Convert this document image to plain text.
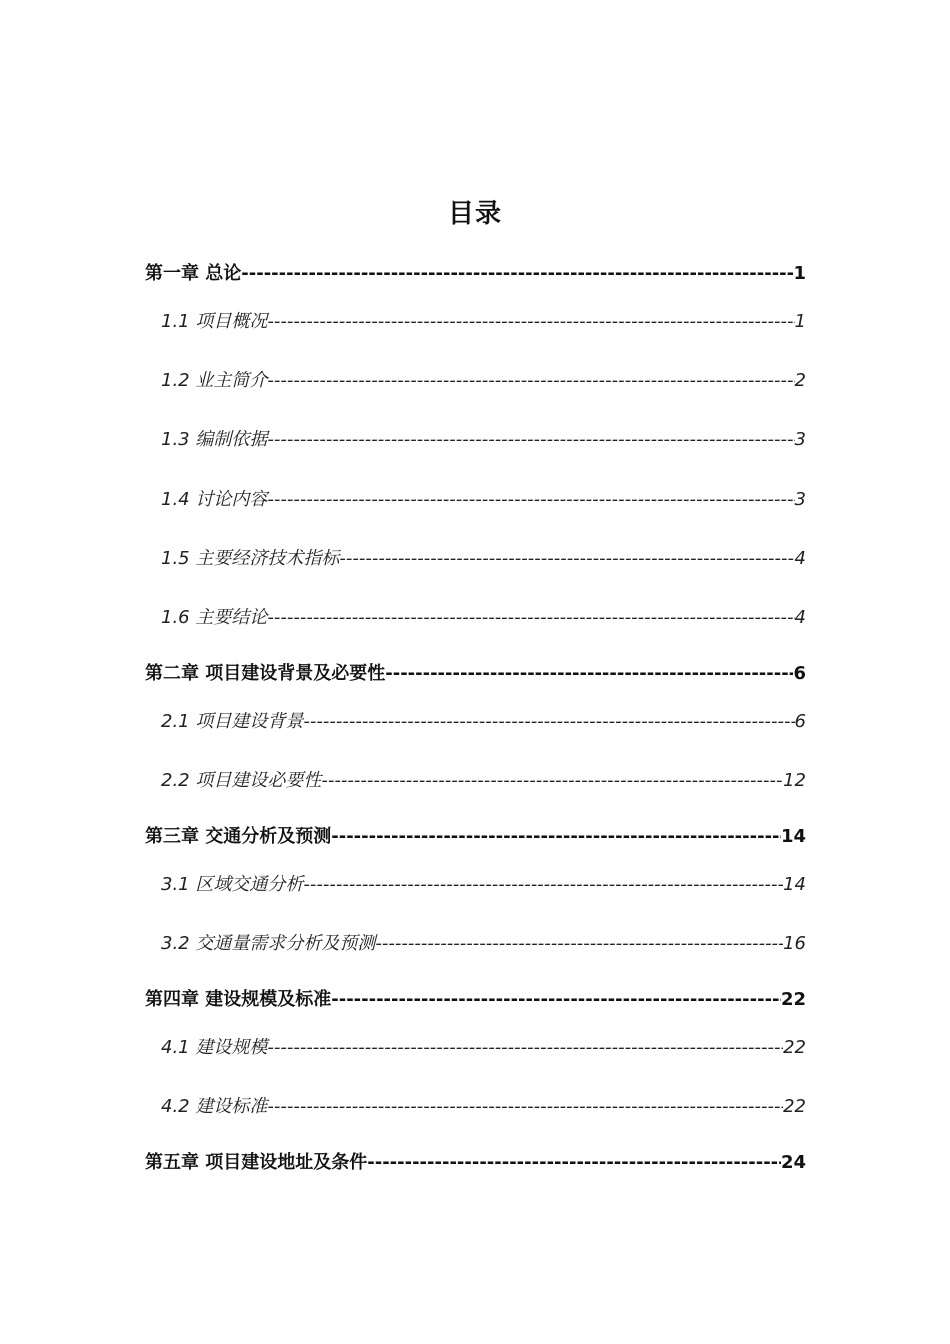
目录
第一章 总论 -----	1
1.1 项目概况 -----	1
1.2 业主简介 -----	2
1.3 编制依据 -----	3
1.4 讨论内容 -----	3
1.5 主要经济技术指标 -----	4
1.6 主要结论 -----	4
第二章 项目建设背景及必要性 -----	6
2.1 项目建设背景 -----	6
2.2 项目建设必要性 -----	12
第三章 交通分析及预测 -----	14
3.1 区域交通分析 -----	14
3.2 交通量需求分析及预测 -----	16
第四章 建设规模及标准 -----	22
4.1 建设规模 -----	22
4.2 建设标准 -----	22
第五章 项目建设地址及条件 -----	24
